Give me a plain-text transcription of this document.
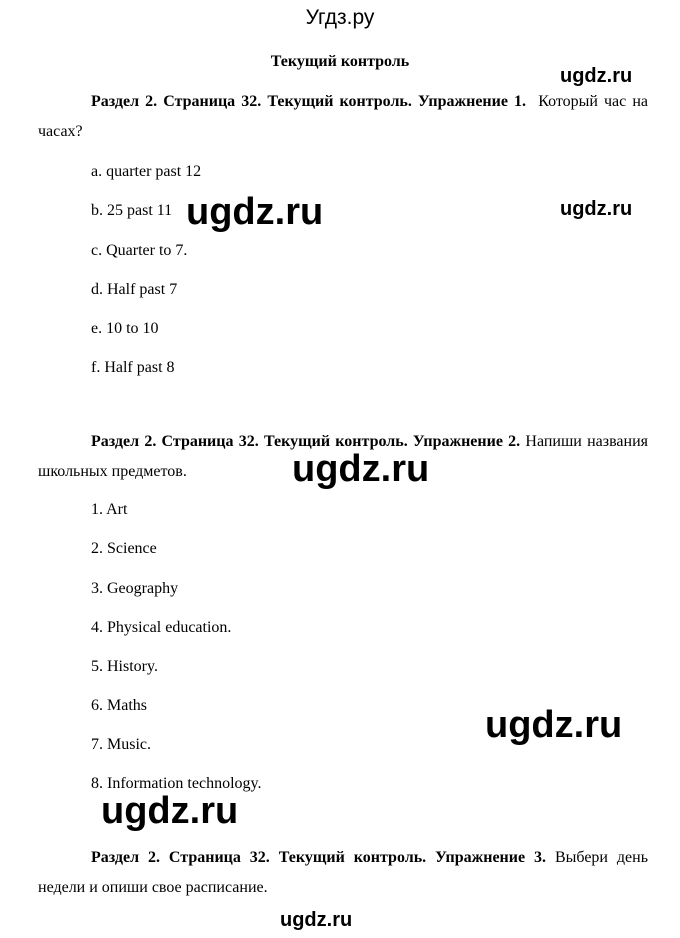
Угдз.ру
Текущий контроль

Раздел 2. Страница 32. Текущий контроль. Упражнение 1. Который час на часах?

a. quarter past 12
b. 25 past 11
c. Quarter to 7.
d. Half past 7
e. 10 to 10
f. Half past 8

Раздел 2. Страница 32. Текущий контроль. Упражнение 2. Напиши названия школьных предметов.

1. Art
2. Science
3. Geography
4. Physical education.
5. History.
6. Maths
7. Music.
8. Information technology.

Раздел 2. Страница 32. Текущий контроль. Упражнение 3. Выбери день недели и опиши свое расписание.

ugdz.ru
ugdz.ru
ugdz.ru
ugdz.ru
ugdz.ru
ugdz.ru
ugdz.ru
